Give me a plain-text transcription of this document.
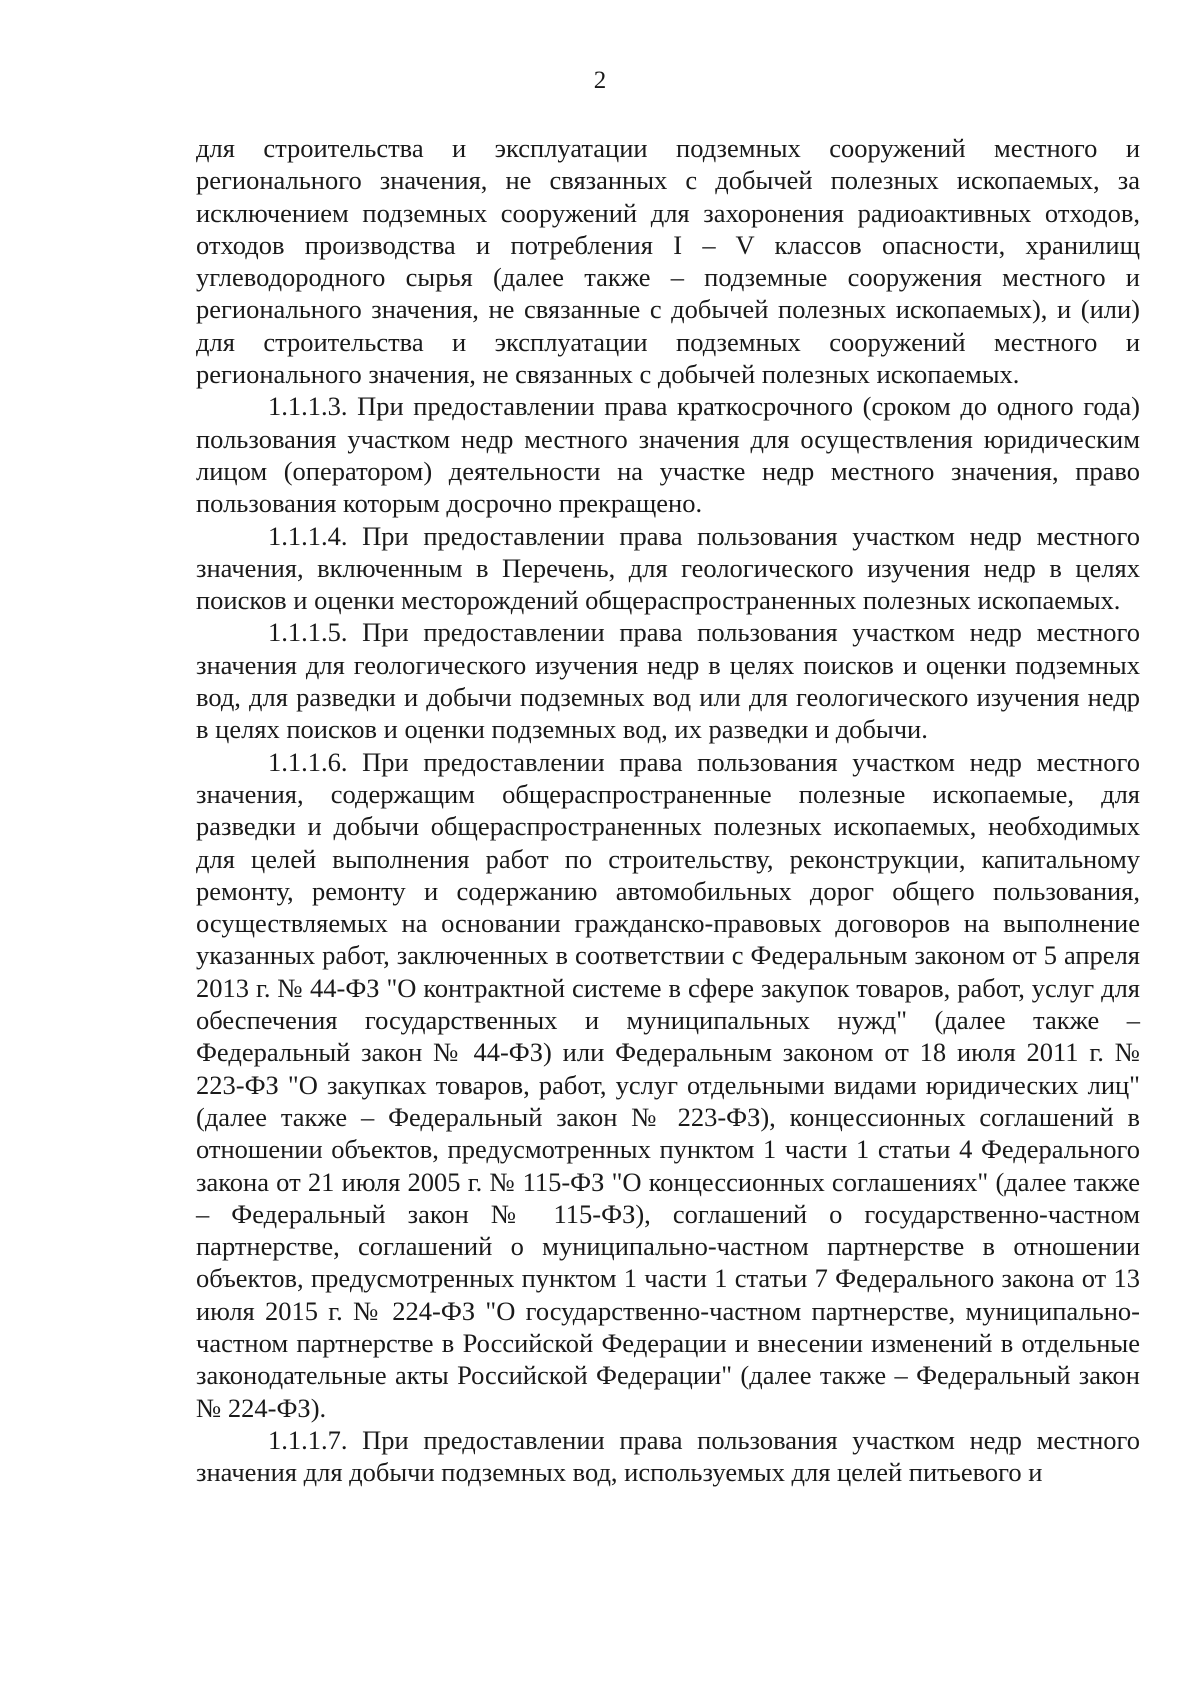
2

для строительства и эксплуатации подземных сооружений местного и регионального значения, не связанных с добычей полезных ископаемых, за исключением подземных сооружений для захоронения радиоактивных отходов, отходов производства и потребления I – V классов опасности, хранилищ углеводородного сырья (далее также – подземные сооружения местного и регионального значения, не связанные с добычей полезных ископаемых), и (или) для строительства и эксплуатации подземных сооружений местного и регионального значения, не связанных с добычей полезных ископаемых.

1.1.1.3. При предоставлении права краткосрочного (сроком до одного года) пользования участком недр местного значения для осуществления юридическим лицом (оператором) деятельности на участке недр местного значения, право пользования которым досрочно прекращено.

1.1.1.4. При предоставлении права пользования участком недр местного значения, включенным в Перечень, для геологического изучения недр в целях поисков и оценки месторождений общераспространенных полезных ископаемых.

1.1.1.5. При предоставлении права пользования участком недр местного значения для геологического изучения недр в целях поисков и оценки подземных вод, для разведки и добычи подземных вод или для геологического изучения недр в целях поисков и оценки подземных вод, их разведки и добычи.

1.1.1.6. При предоставлении права пользования участком недр местного значения, содержащим общераспространенные полезные ископаемые, для разведки и добычи общераспространенных полезных ископаемых, необходимых для целей выполнения работ по строительству, реконструкции, капитальному ремонту, ремонту и содержанию автомобильных дорог общего пользования, осуществляемых на основании гражданско-правовых договоров на выполнение указанных работ, заключенных в соответствии с Федеральным законом от 5 апреля 2013 г. № 44-ФЗ "О контрактной системе в сфере закупок товаров, работ, услуг для обеспечения государственных и муниципальных нужд" (далее также – Федеральный закон № 44-ФЗ) или Федеральным законом от 18 июля 2011 г. № 223-ФЗ "О закупках товаров, работ, услуг отдельными видами юридических лиц" (далее также – Федеральный закон № 223-ФЗ), концессионных соглашений в отношении объектов, предусмотренных пунктом 1 части 1 статьи 4 Федерального закона от 21 июля 2005 г. № 115-ФЗ "О концессионных соглашениях" (далее также – Федеральный закон № 115-ФЗ), соглашений о государственно-частном партнерстве, соглашений о муниципально-частном партнерстве в отношении объектов, предусмотренных пунктом 1 части 1 статьи 7 Федерального закона от 13 июля 2015 г. № 224-ФЗ "О государственно-частном партнерстве, муниципально-частном партнерстве в Российской Федерации и внесении изменений в отдельные законодательные акты Российской Федерации" (далее также – Федеральный закон № 224-ФЗ).

1.1.1.7. При предоставлении права пользования участком недр местного значения для добычи подземных вод, используемых для целей питьевого и
